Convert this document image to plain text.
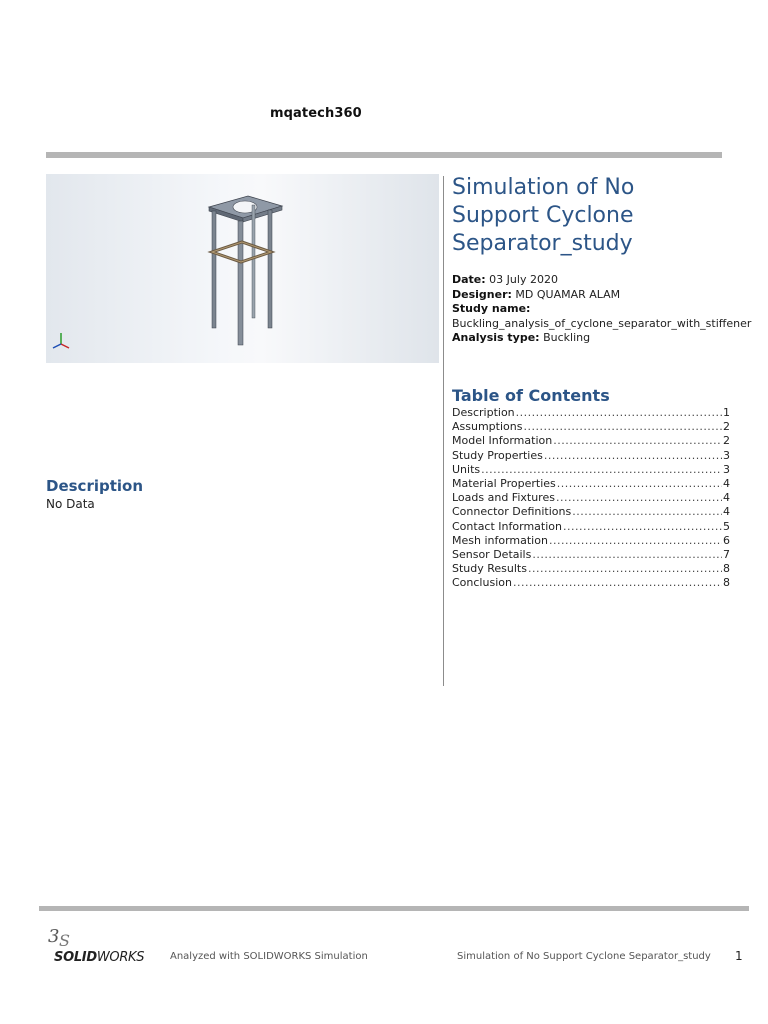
mqatech360
Description
No Data
Simulation of No
Support Cyclone
Separator_study
Date: 03 July 2020
Designer: MD QUAMAR ALAM
Study name:
Buckling_analysis_of_cyclone_separator_with_stiffener
Analysis type: Buckling
Table of Contents
Description .....	1
Assumptions .....	2
Model Information .....	2
Study Properties .....	3
Units .....	3
Material Properties .....	4
Loads and Fixtures .....	4
Connector Definitions .....	4
Contact Information .....	5
Mesh information .....	6
Sensor Details .....	7
Study Results .....	8
Conclusion .....	8
3 S
SOLIDWORKS	Analyzed with SOLIDWORKS Simulation	Simulation of No Support Cyclone Separator_study 1
